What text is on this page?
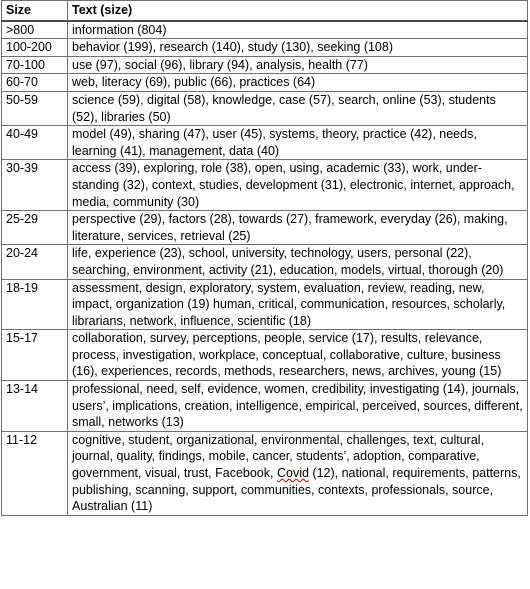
Size	Text (size)
>800	information (804)
100-200	behavior (199), research (140), study (130), seeking (108)
70-100	use (97), social (96), library (94), analysis, health (77)
60-70	web, literacy (69), public (66), practices (64)
50-59	science (59), digital (58), knowledge, case (57), search, online (53), students (52), libraries (50)
40-49	model (49), sharing (47), user (45), systems, theory, practice (42), needs, learning (41), management, data (40)
30-39	access (39), exploring, role (38), open, using, academic (33), work, understanding (32), context, studies, development (31), electronic, internet, approach, media, community (30)
25-29	perspective (29), factors (28), towards (27), framework, everyday (26), making, literature, services, retrieval (25)
20-24	life, experience (23), school, university, technology, users, personal (22), searching, environment, activity (21), education, models, virtual, thorough (20)
18-19	assessment, design, exploratory, system, evaluation, review, reading, new, impact, organization (19) human, critical, communication, resources, scholarly, librarians, network, influence, scientific (18)
15-17	collaboration, survey, perceptions, people, service (17), results, relevance, process, investigation, workplace, conceptual, collaborative, culture, business (16), experiences, records, methods, researchers, news, archives, young (15)
13-14	professional, need, self, evidence, women, credibility, investigating (14), journals, users’, implications, creation, intelligence, empirical, perceived, sources, different, small, networks (13)
11-12	cognitive, student, organizational, environmental, challenges, text, cultural, journal, quality, findings, mobile, cancer, students’, adoption, comparative, government, visual, trust, Facebook, Covid (12), national, requirements, patterns, publishing, scanning, support, communities, contexts, professionals, source, Australian (11)
